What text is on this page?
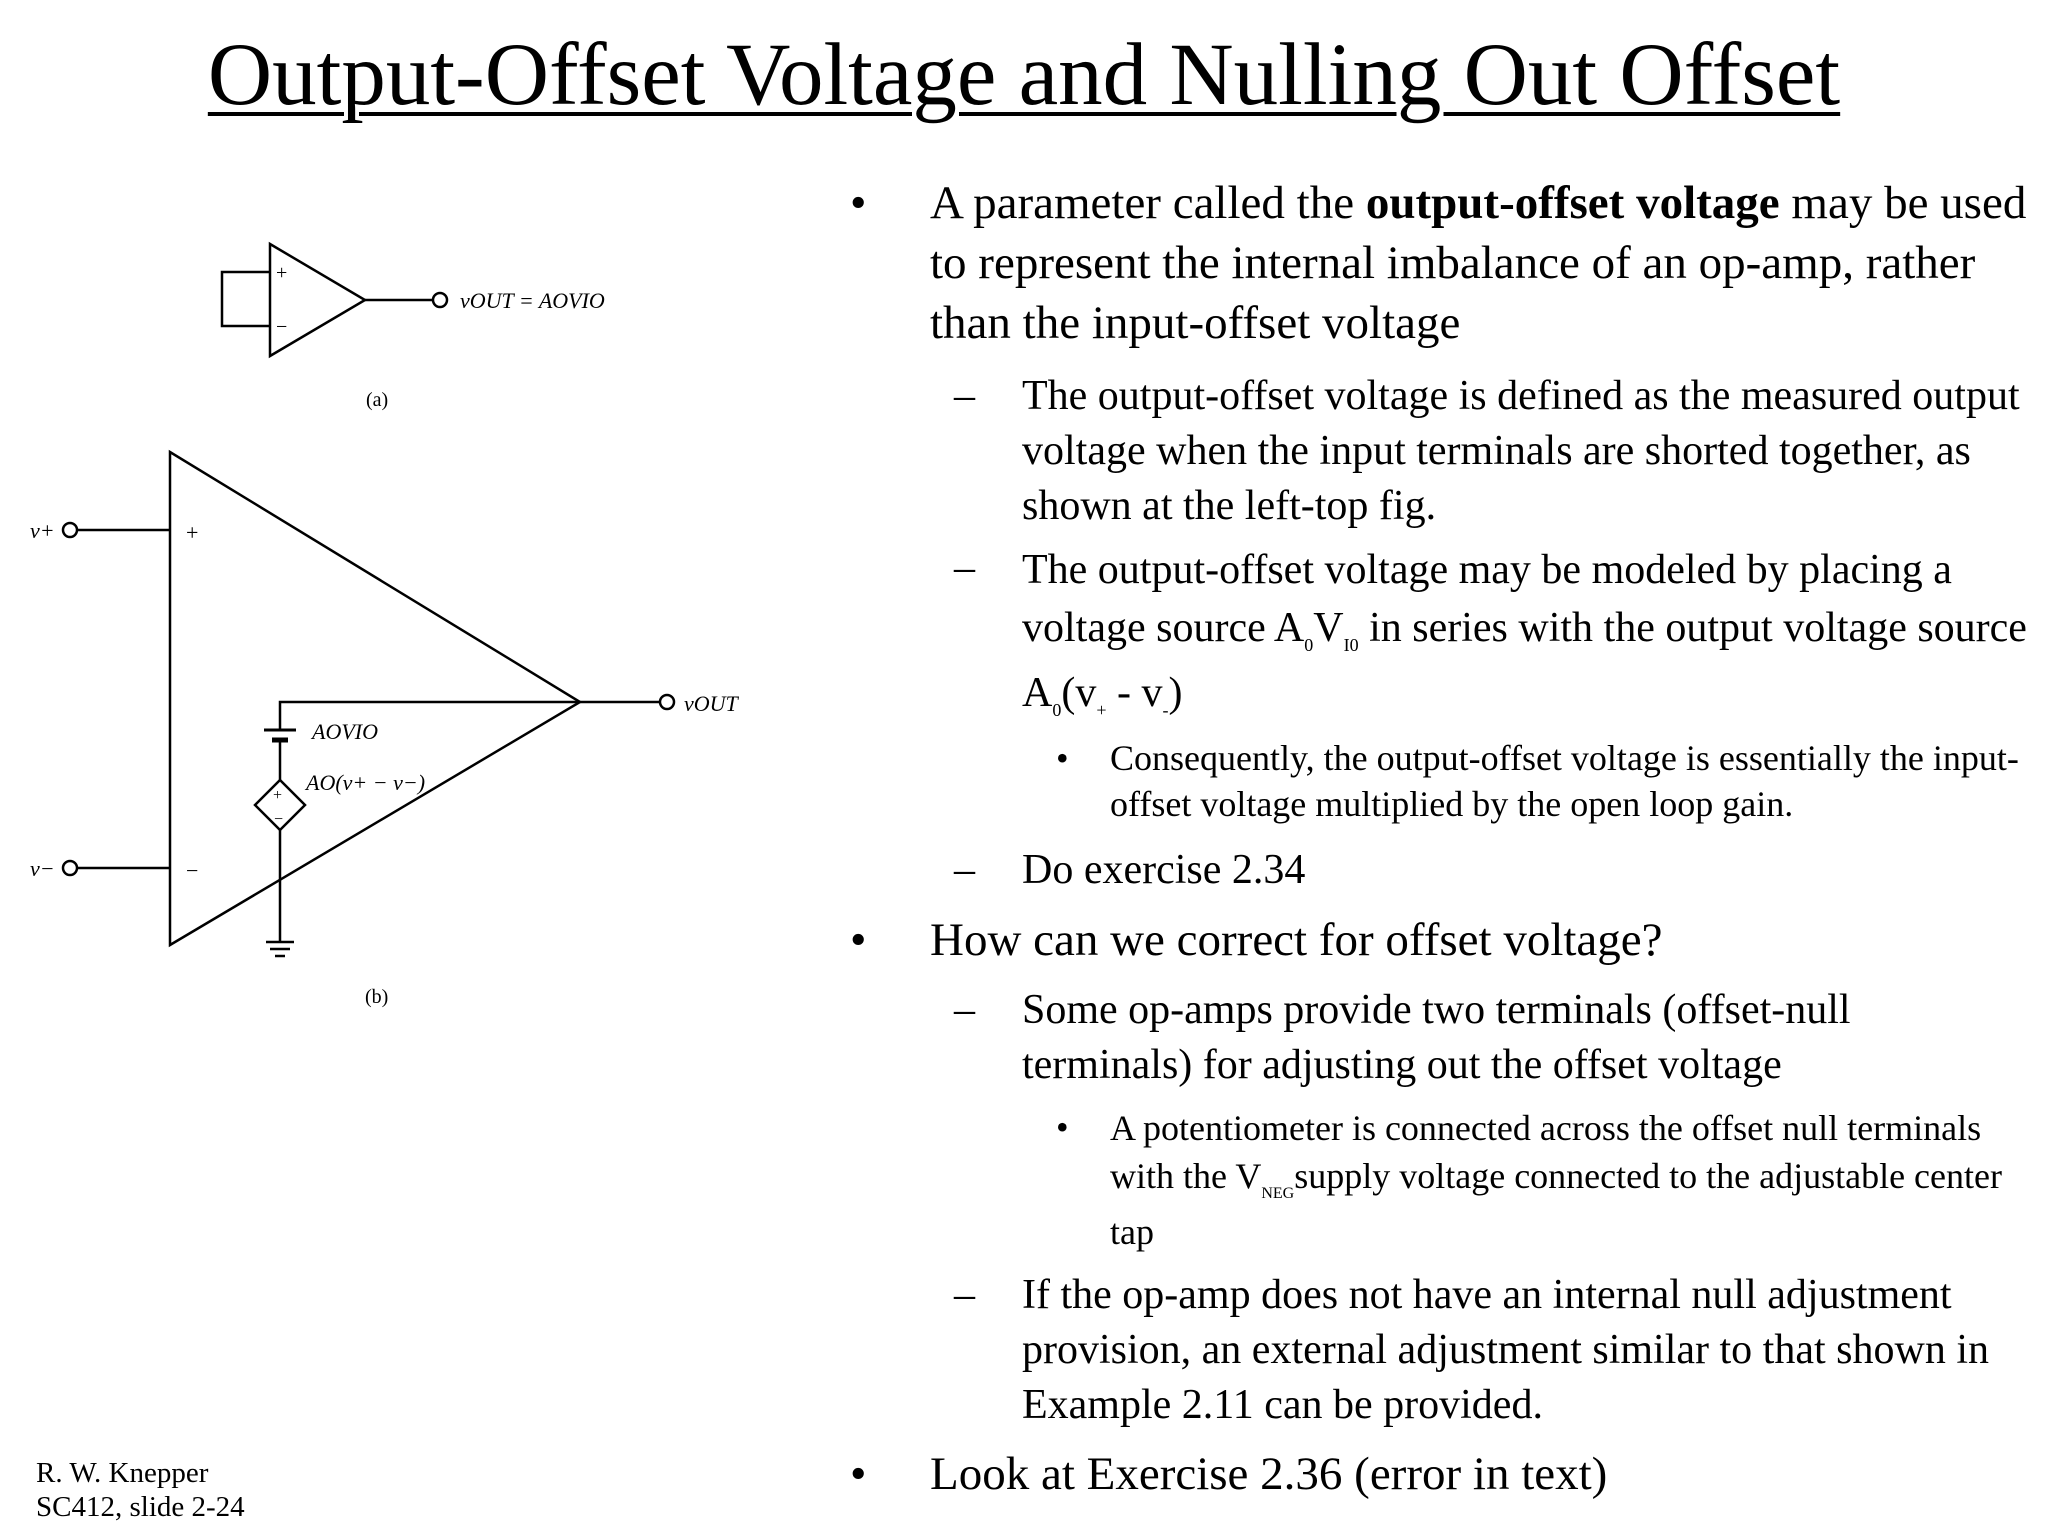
Output-Offset Voltage and Nulling Out Offset
+
−
vOUT = AOVIO
(a)
v+
v−
+
−
vOUT
AOVIO
AO(v+ − v−)
+
−
(b)
• A parameter called the output-offset voltage may be used to represent the internal imbalance of an op-amp, rather than the input-offset voltage
– The output-offset voltage is defined as the measured output voltage when the input terminals are shorted together, as shown at the left-top fig.
– The output-offset voltage may be modeled by placing a voltage source $A_0V_{I0}$ in series with the output voltage source $A_0(v_+ - v_-)$
• Consequently, the output-offset voltage is essentially the input-offset voltage multiplied by the open loop gain.
– Do exercise 2.34
• How can we correct for offset voltage?
– Some op-amps provide two terminals (offset-null terminals) for adjusting out the offset voltage
• A potentiometer is connected across the offset null terminals with the $V_{NEG}supply$ voltage connected to the adjustable center tap
– If the op-amp does not have an internal null adjustment provision, an external adjustment similar to that shown in Example 2.11 can be provided.
• Look at Exercise 2.36 (error in text)
R. W. Knepper
SC412, slide 2-24
